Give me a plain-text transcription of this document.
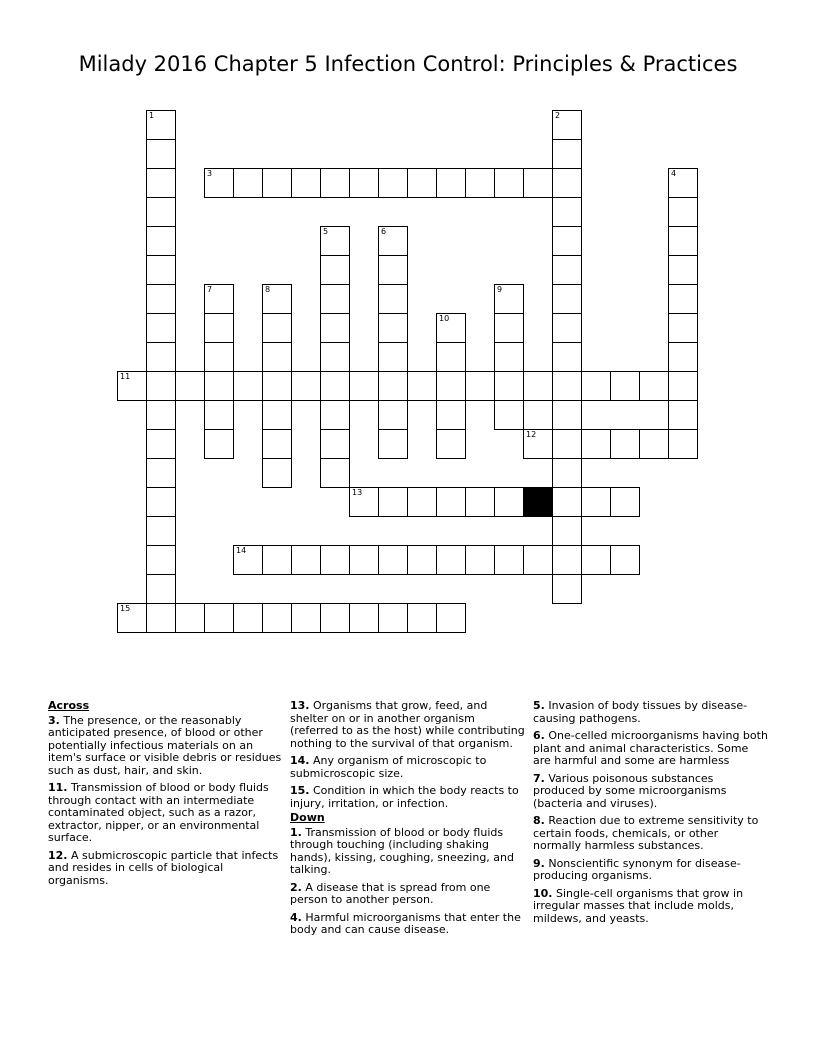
Milady 2016 Chapter 5 Infection Control: Principles & Practices
1	2
3	4
5	6
7	8	9
10
11
12
13
14
15
Across
3. The presence, or the reasonably anticipated presence, of blood or other potentially infectious materials on an item's surface or visible debris or residues such as dust, hair, and skin.
11. Transmission of blood or body fluids through contact with an intermediate contaminated object, such as a razor, extractor, nipper, or an environmental surface.
12. A submicroscopic particle that infects and resides in cells of biological organisms.
13. Organisms that grow, feed, and shelter on or in another organism (referred to as the host) while contributing nothing to the survival of that organism.
14. Any organism of microscopic to submicroscopic size.
15. Condition in which the body reacts to injury, irritation, or infection.
Down
1. Transmission of blood or body fluids through touching (including shaking hands), kissing, coughing, sneezing, and talking.
2. A disease that is spread from one person to another person.
4. Harmful microorganisms that enter the body and can cause disease.
5. Invasion of body tissues by disease-causing pathogens.
6. One-celled microorganisms having both plant and animal characteristics. Some are harmful and some are harmless
7. Various poisonous substances produced by some microorganisms (bacteria and viruses).
8. Reaction due to extreme sensitivity to certain foods, chemicals, or other normally harmless substances.
9. Nonscientific synonym for disease-producing organisms.
10. Single-cell organisms that grow in irregular masses that include molds, mildews, and yeasts.
